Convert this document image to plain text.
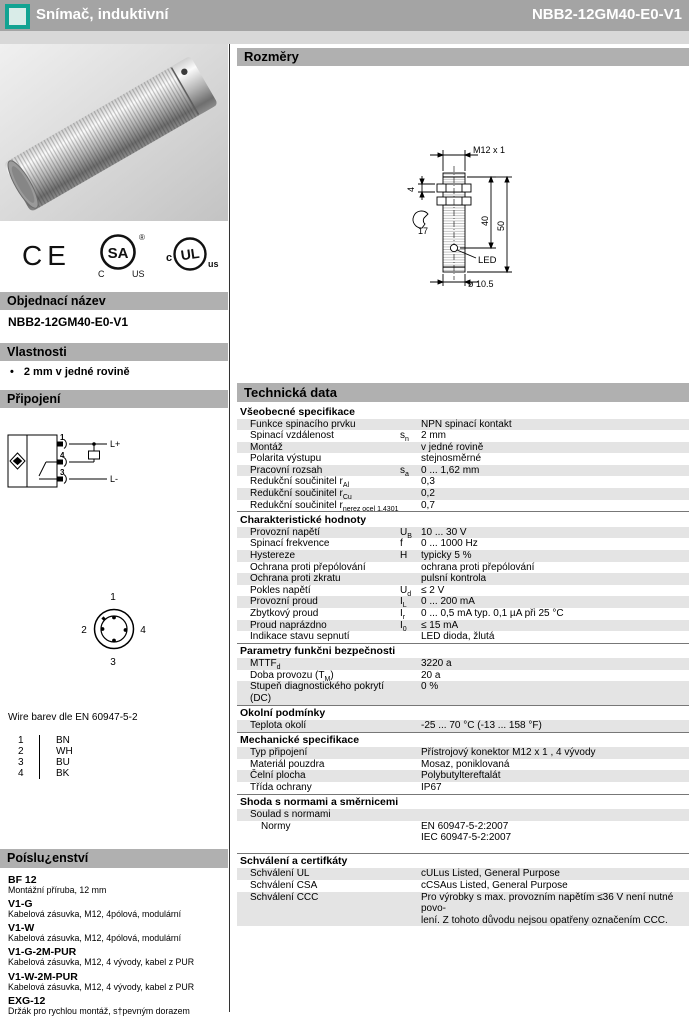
Snímač, induktivní	NBB2-12GM40-E0-V1
CE SA
®
C	US
UL
c	us
Objednací název
NBB2-12GM40-E0-V1
Vlastnosti
• 2 mm v jedné rovině
Připojení
1
4
3
L+
L-
1
2	4
3
Wire barev dle EN 60947-5-2
1	BN
2	WH
3	BU
4	BK
Poíslu¿enství
BF 12
Montážní příruba, 12 mm
V1-G
Kabelová zásuvka, M12, 4pólová, modulární
V1-W
Kabelová zásuvka, M12, 4pólová, modulární
V1-G-2M-PUR
Kabelová zásuvka, M12, 4 vývody, kabel z PUR
V1-W-2M-PUR
Kabelová zásuvka, M12, 4 vývody, kabel z PUR
EXG-12
Držák pro rychlou montáž, s†pevným dorazem
Rozměry
M12 x 1
4
17
40 50
LED
ø 10.5
Technická data
Všeobecné specifikace
Funkce spinacího prvku	NPN spinací kontakt
Spinací vzdálenost	$s_n$	2 mm
Montáž	v jedné rovině
Polarita výstupu	stejnosměrné
Pracovní rozsah	$s_a$	0 ... 1,62 mm
Redukční součinitel $r_{Al}$	0,3
Redukční součinitel $r_{Cu}$	0,2
Redukční součinitel $r_{nerez ocel 1.4301}$ 0,7
Charakteristické hodnoty
Provozní napětí	$U_B$ 10 ... 30 V
Spinací frekvence	f	0 ... 1000 Hz
Hystereze	H	typicky 5 %
Ochrana proti přepólování	ochrana proti přepólování
Ochrana proti zkratu	pulsní kontrola
Pokles napětí	$U_d \le 2$ V
Provozní proud	$I_L$	0 ... 200 mA
Zbytkový proud	$I_r$	0 ... 0,5 mA typ. 0,1 µA při 25 °C
Proud naprázdno	$I_0$	≤ 15 mA
Indikace stavu sepnutí	LED dioda, žlutá
Parametry funkčni bezpečnosti
$MTTF_d$	3220 a
Doba provozu $(T_M)$	20 a
Stupeň diagnostického pokrytí (DC)
0 %
Okolní podmínky
Teplota okolí	-25 ... 70 °C (-13 ... 158 °F)
Mechanické specifikace
Typ připojení	Přístrojový konektor M12 x 1 , 4 vývody
Materiál pouzdra	Mosaz, poniklovaná
Čelní plocha	Polybutyltereftalát
Třída ochrany	IP67
Shoda s normami a směrnicemi
Soulad s normami
Normy	EN 60947-5-2:2007
IEC 60947-5-2:2007
Schválení a certifkáty
Schválení UL	cULus Listed, General Purpose
Schválení CSA	cCSAus Listed, General Purpose
Schválení CCC	Pro výrobky s max. provozním napětím ≤36 V není nutné povo-
lení. Z tohoto důvodu nejsou opatřeny označením CCC.
